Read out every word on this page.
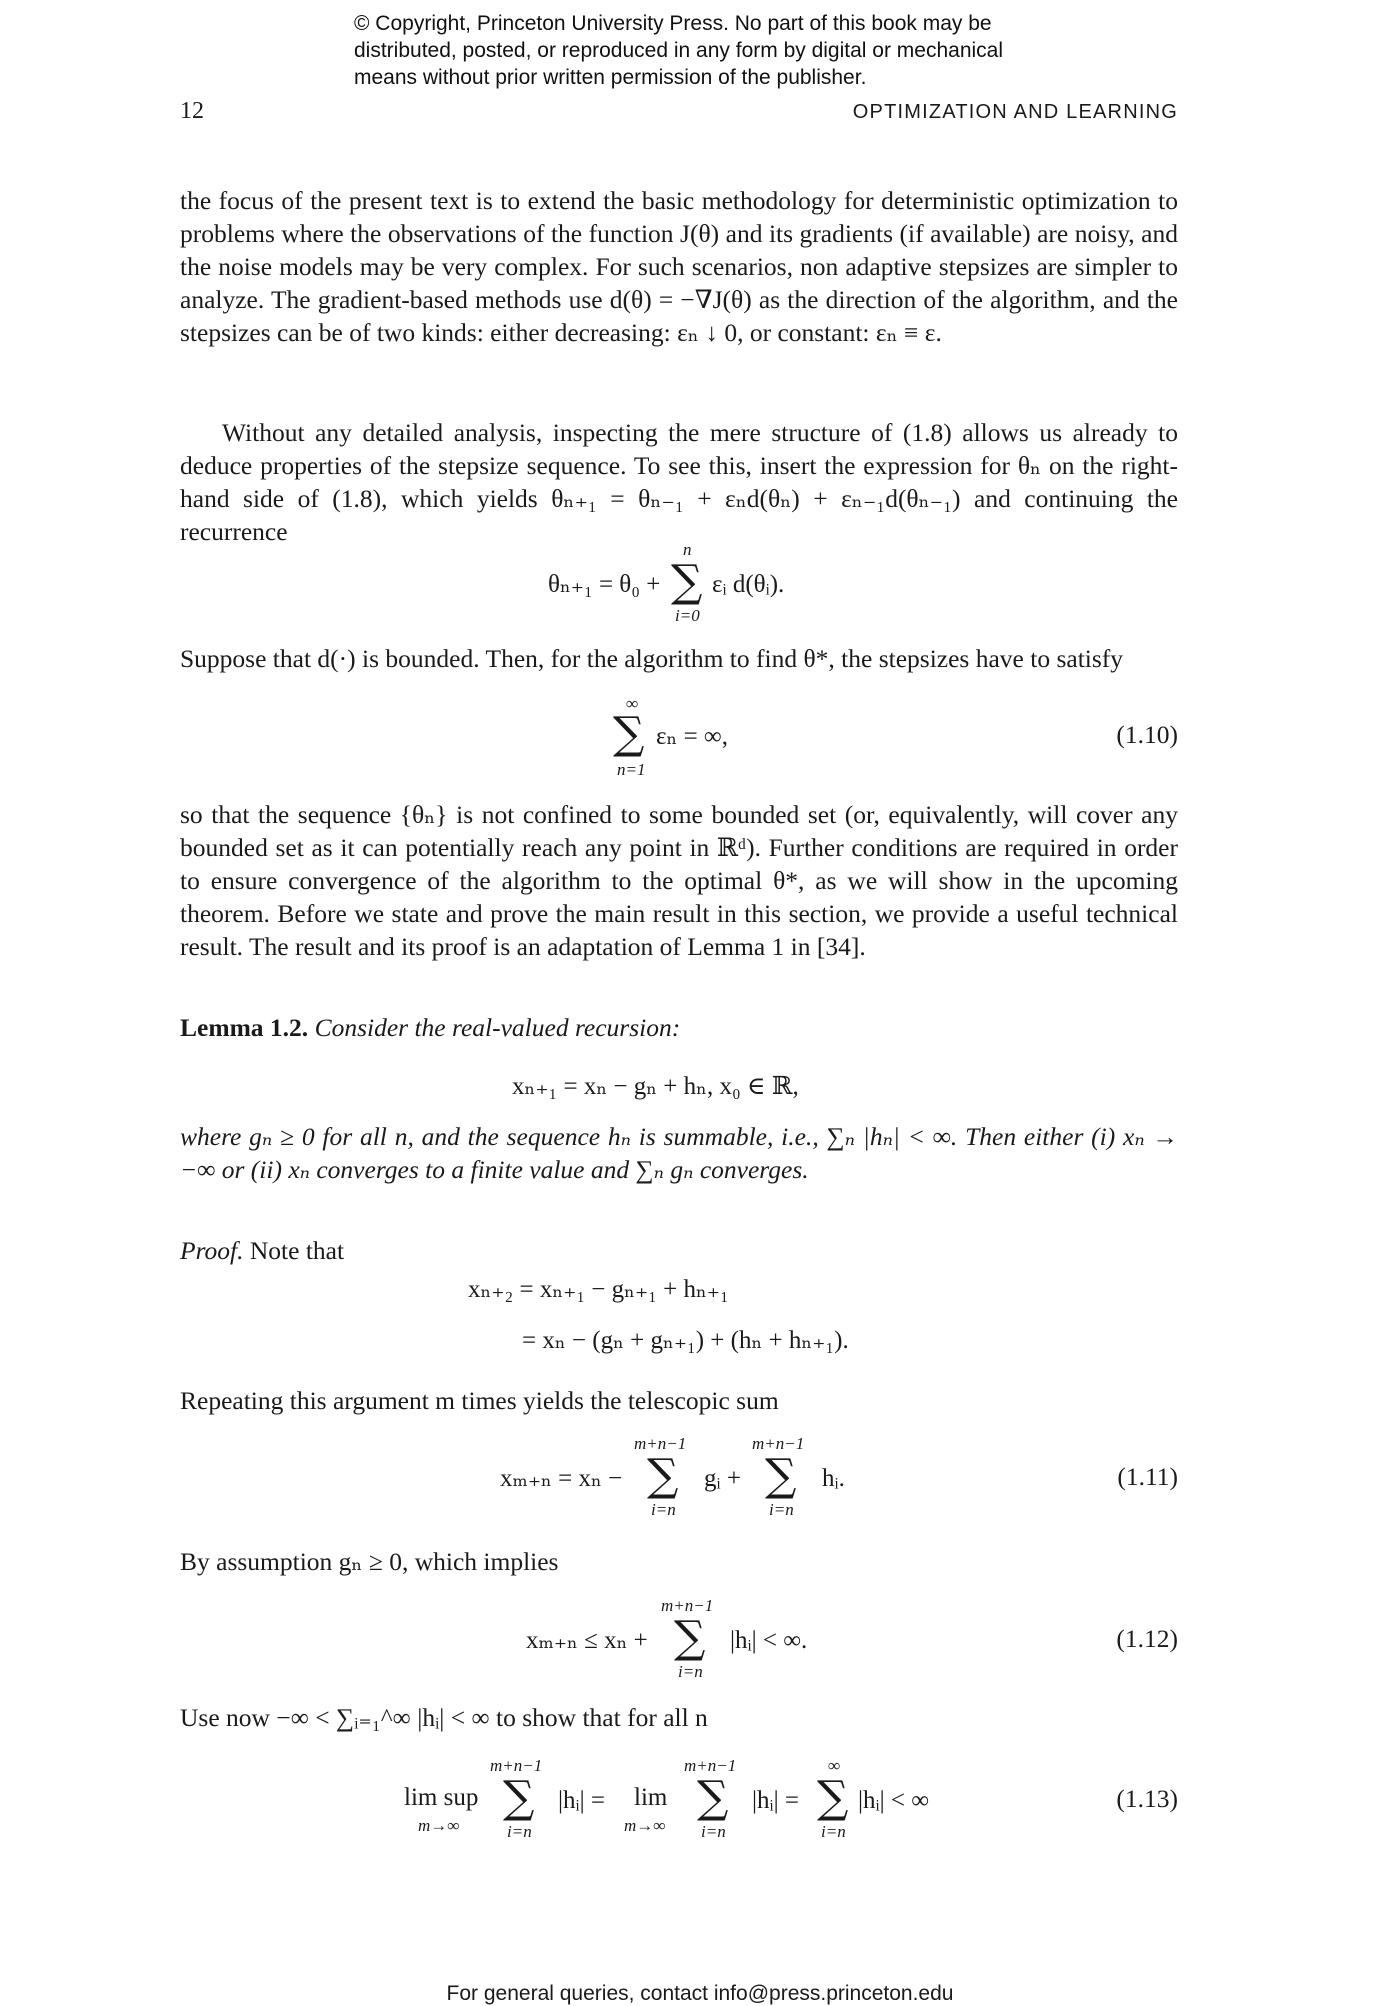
© Copyright, Princeton University Press. No part of this book may be
distributed, posted, or reproduced in any form by digital or mechanical
means without prior written permission of the publisher.
12	OPTIMIZATION AND LEARNING

the focus of the present text is to extend the basic methodology for deterministic optimization to problems where the observations of the function J(θ) and its gradients (if available) are noisy, and the noise models may be very complex. For such scenarios, non adaptive stepsizes are simpler to analyze. The gradient-based methods use d(θ) = −∇J(θ) as the direction of the algorithm, and the stepsizes can be of two kinds: either decreasing: εₙ ↓ 0, or constant: εₙ ≡ ε.

Without any detailed analysis, inspecting the mere structure of (1.8) allows us already to deduce properties of the stepsize sequence. To see this, insert the expression for θₙ on the right-hand side of (1.8), which yields θₙ₊₁ = θₙ₋₁ + εₙd(θₙ) + εₙ₋₁d(θₙ₋₁) and continuing the recurrence

θₙ₊₁ = θ₀ +
n
∑
i=0
εᵢ d(θᵢ).

Suppose that d(·) is bounded. Then, for the algorithm to find θ*, the stepsizes have to satisfy

∞
∑
n=1
εₙ = ∞,	(1.10)

so that the sequence {θₙ} is not confined to some bounded set (or, equivalently, will cover any bounded set as it can potentially reach any point in ℝᵈ). Further conditions are required in order to ensure convergence of the algorithm to the optimal θ*, as we will show in the upcoming theorem. Before we state and prove the main result in this section, we provide a useful technical result. The result and its proof is an adaptation of Lemma 1 in [34].

Lemma 1.2. Consider the real-valued recursion:
xₙ₊₁ = xₙ − gₙ + hₙ, x₀ ∈ ℝ,

where gₙ ≥ 0 for all n, and the sequence hₙ is summable, i.e., ∑ₙ |hₙ| < ∞. Then either (i) xₙ → −∞ or (ii) xₙ converges to a finite value and ∑ₙ gₙ converges.

Proof. Note that
xₙ₊₂ = xₙ₊₁ − gₙ₊₁ + hₙ₊₁
= xₙ − (gₙ + gₙ₊₁) + (hₙ + hₙ₊₁).

Repeating this argument m times yields the telescopic sum

xₘ₊ₙ = xₙ −
m+n−1
∑
i=n
gᵢ +
m+n−1
∑
i=n
hᵢ.	(1.11)

By assumption gₙ ≥ 0, which implies

xₘ₊ₙ ≤ xₙ +
m+n−1
∑
i=n
|hᵢ| < ∞.	(1.12)

Use now −∞ < ∑ᵢ₌₁^∞ |hᵢ| < ∞ to show that for all n

lim sup
m→∞
m+n−1
∑
i=n
|hᵢ| = lim
m→∞
m+n−1
∑
i=n
|hᵢ| =
∞
∑
i=n
|hᵢ| < ∞	(1.13)
For general queries, contact info@press.princeton.edu
